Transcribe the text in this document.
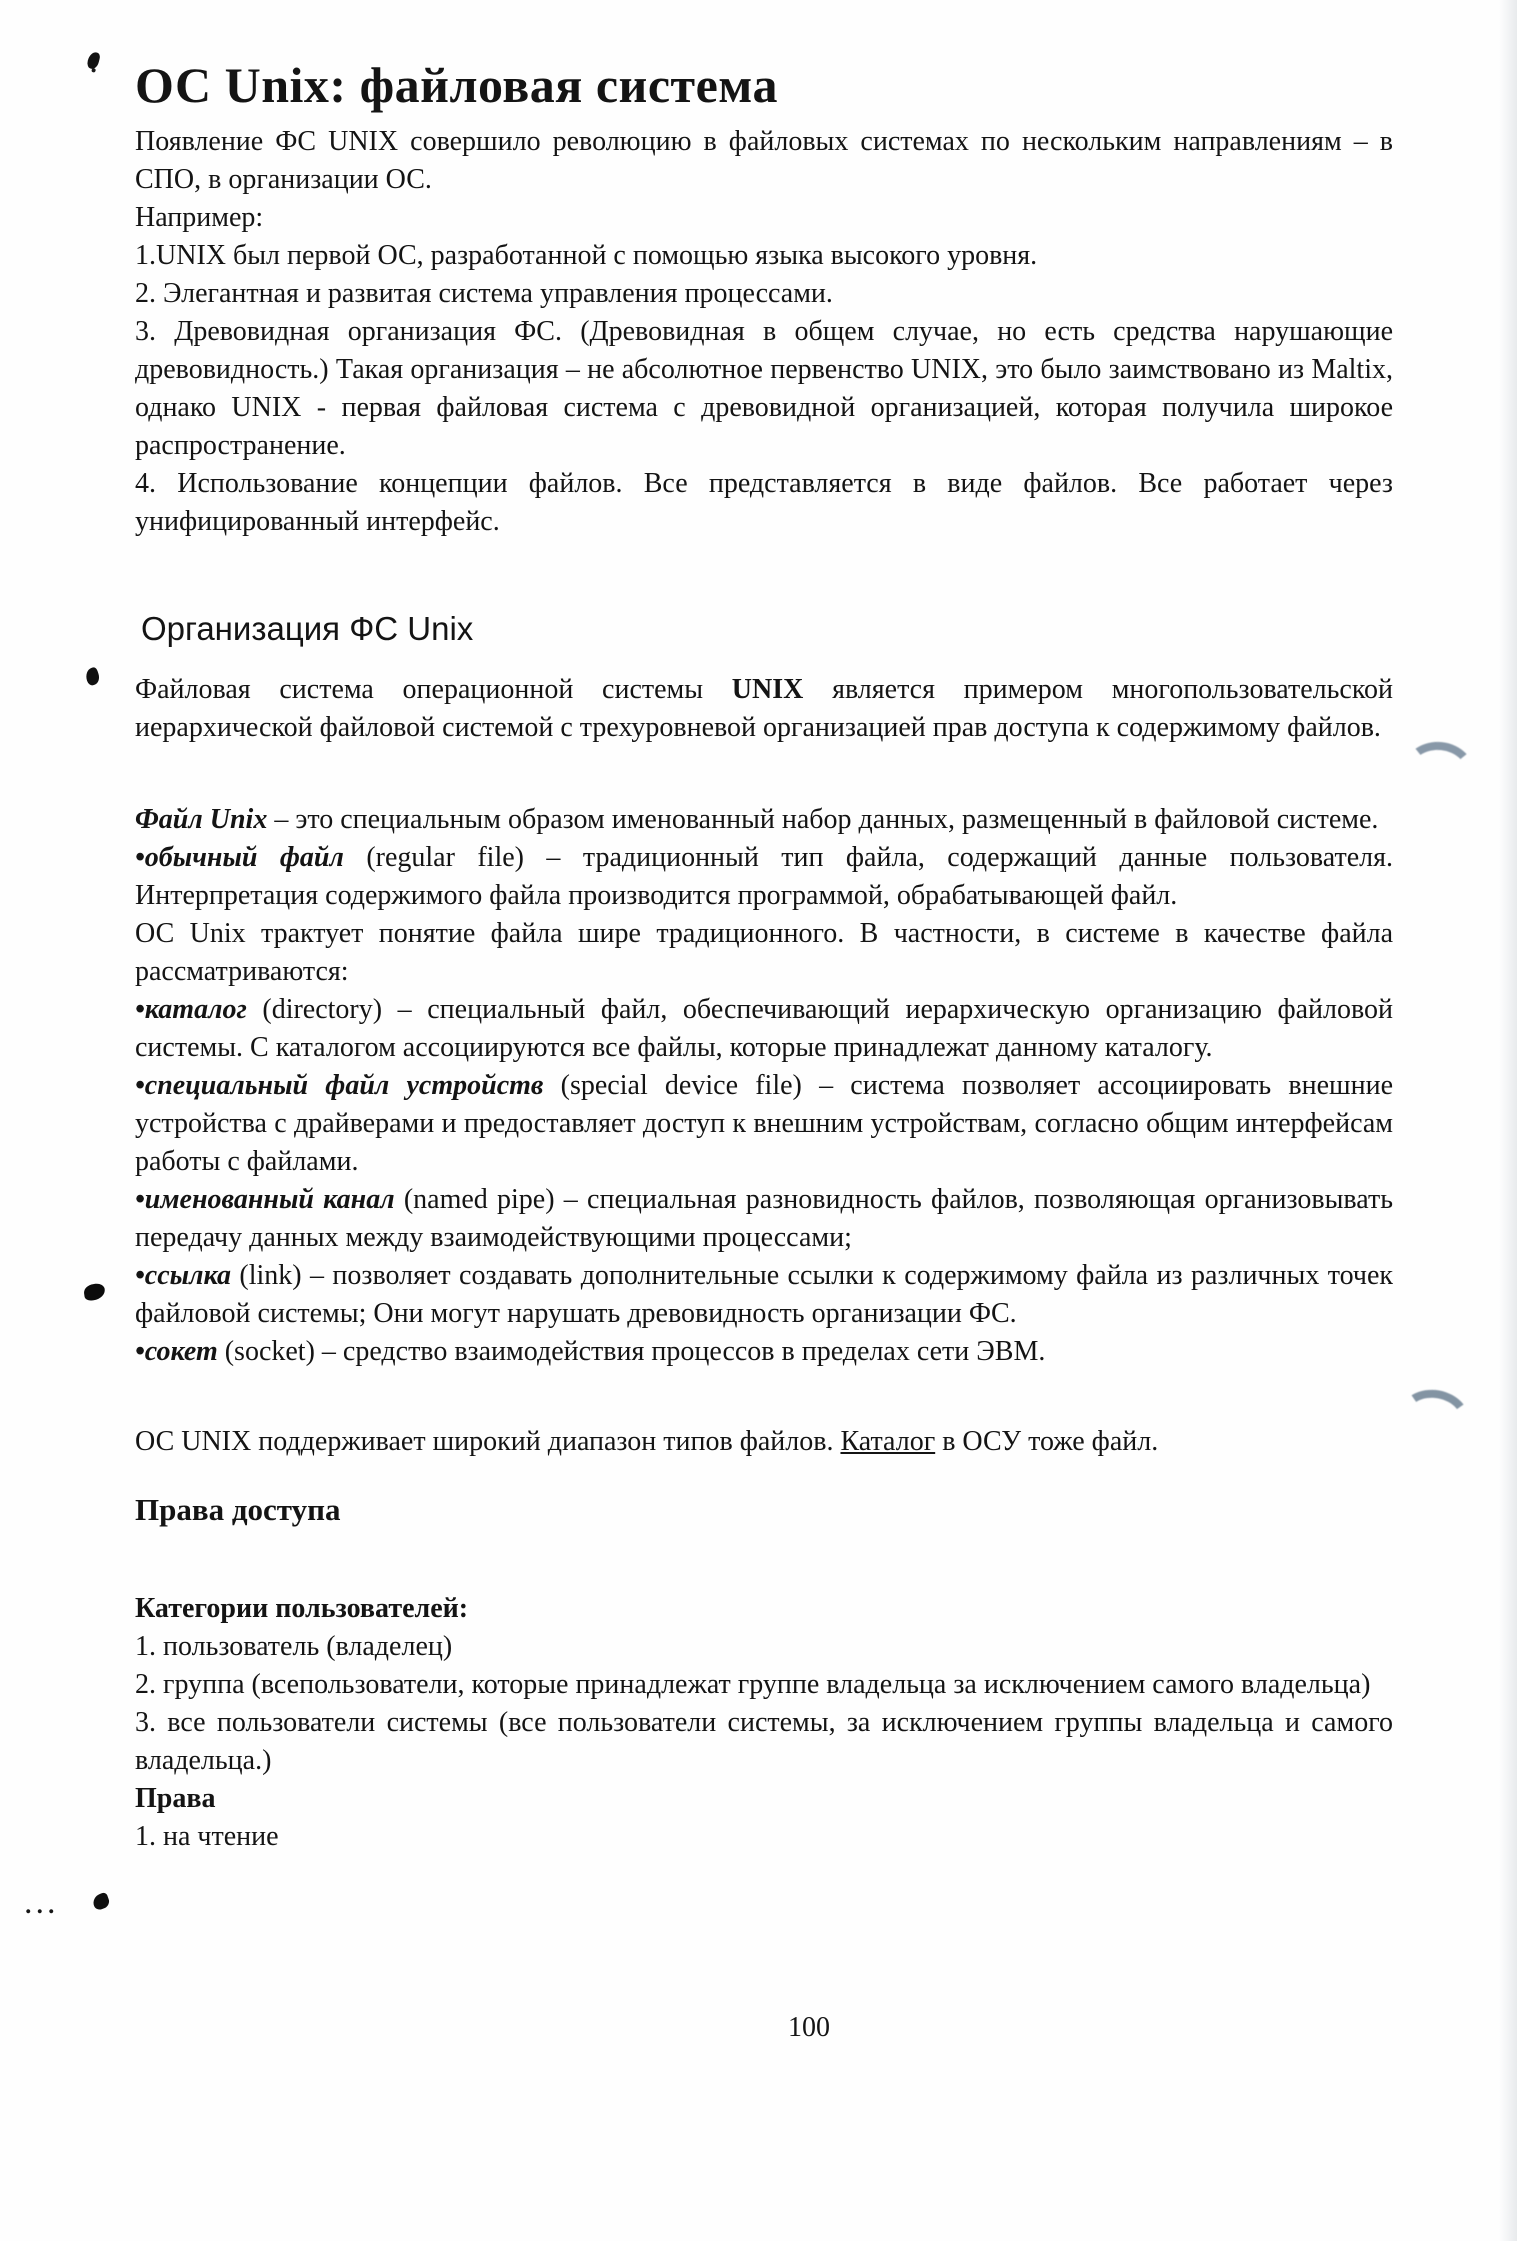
...
ОС Unix: файловая система

Появление ФС UNIX совершило революцию в файловых системах по нескольким направлениям – в СПО, в организации ОС.

Например:

1.UNIX был первой ОС, разработанной с помощью языка высокого уровня.

2. Элегантная и развитая система управления процессами.

3. Древовидная организация ФС. (Древовидная в общем случае, но есть средства нарушающие древовидность.) Такая организация – не абсолютное первенство UNIX, это было заимствовано из Maltix, однако UNIX - первая файловая система с древовидной организацией, которая получила широкое распространение.

4. Использование концепции файлов. Все представляется в виде файлов. Все работает через унифицированный интерфейс.

Организация ФС Unix

Файловая система операционной системы UNIX является примером многопользовательской иерархической файловой системой с трехуровневой организацией прав доступа к содержимому файлов.

Файл Unix – это специальным образом именованный набор данных, размещенный в файловой системе.

•обычный файл (regular file) – традиционный тип файла, содержащий данные пользователя. Интерпретация содержимого файла производится программой, обрабатывающей файл.

ОС Unix трактует понятие файла шире традиционного. В частности, в системе в качестве файла рассматриваются:

•каталог (directory) – специальный файл, обеспечивающий иерархическую организацию файловой системы. С каталогом ассоциируются все файлы, которые принадлежат данному каталогу.

•специальный файл устройств (special device file) – система позволяет ассоциировать внешние устройства с драйверами и предоставляет доступ к внешним устройствам, согласно общим интерфейсам работы с файлами.

•именованный канал (named pipe) – специальная разновидность файлов, позволяющая организовывать передачу данных между взаимодействующими процессами;

•ссылка (link) – позволяет создавать дополнительные ссылки к содержимому файла из различных точек файловой системы; Они могут нарушать древовидность организации ФС.

•сокет (socket) – средство взаимодействия процессов в пределах сети ЭВМ.

ОС UNIX поддерживает широкий диапазон типов файлов. Каталог в ОСУ тоже файл.

Права доступа

Категории пользователей:

1. пользователь (владелец)

2. группа (всепользователи, которые принадлежат группе владельца за исключением самого владельца)

3. все пользователи системы (все пользователи системы, за исключением группы владельца и самого владельца.)

Права

1. на чтение

100
